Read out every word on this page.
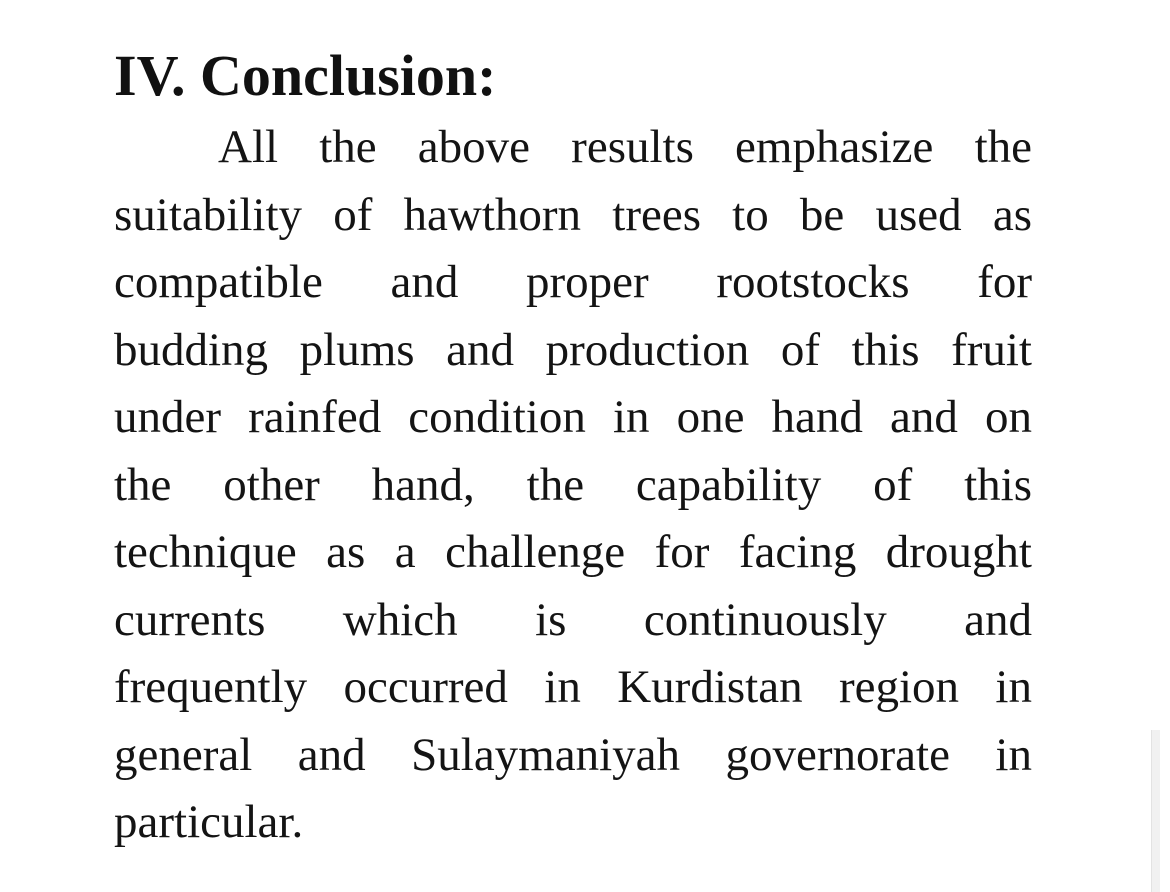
IV. Conclusion:

All the above results emphasize the
suitability of hawthorn trees to be used as
compatible and proper rootstocks for
budding plums and production of this fruit
under rainfed condition in one hand and on
the other hand, the capability of this
technique as a challenge for facing drought
currents which is continuously and
frequently occurred in Kurdistan region in
general and Sulaymaniyah governorate in
particular.
